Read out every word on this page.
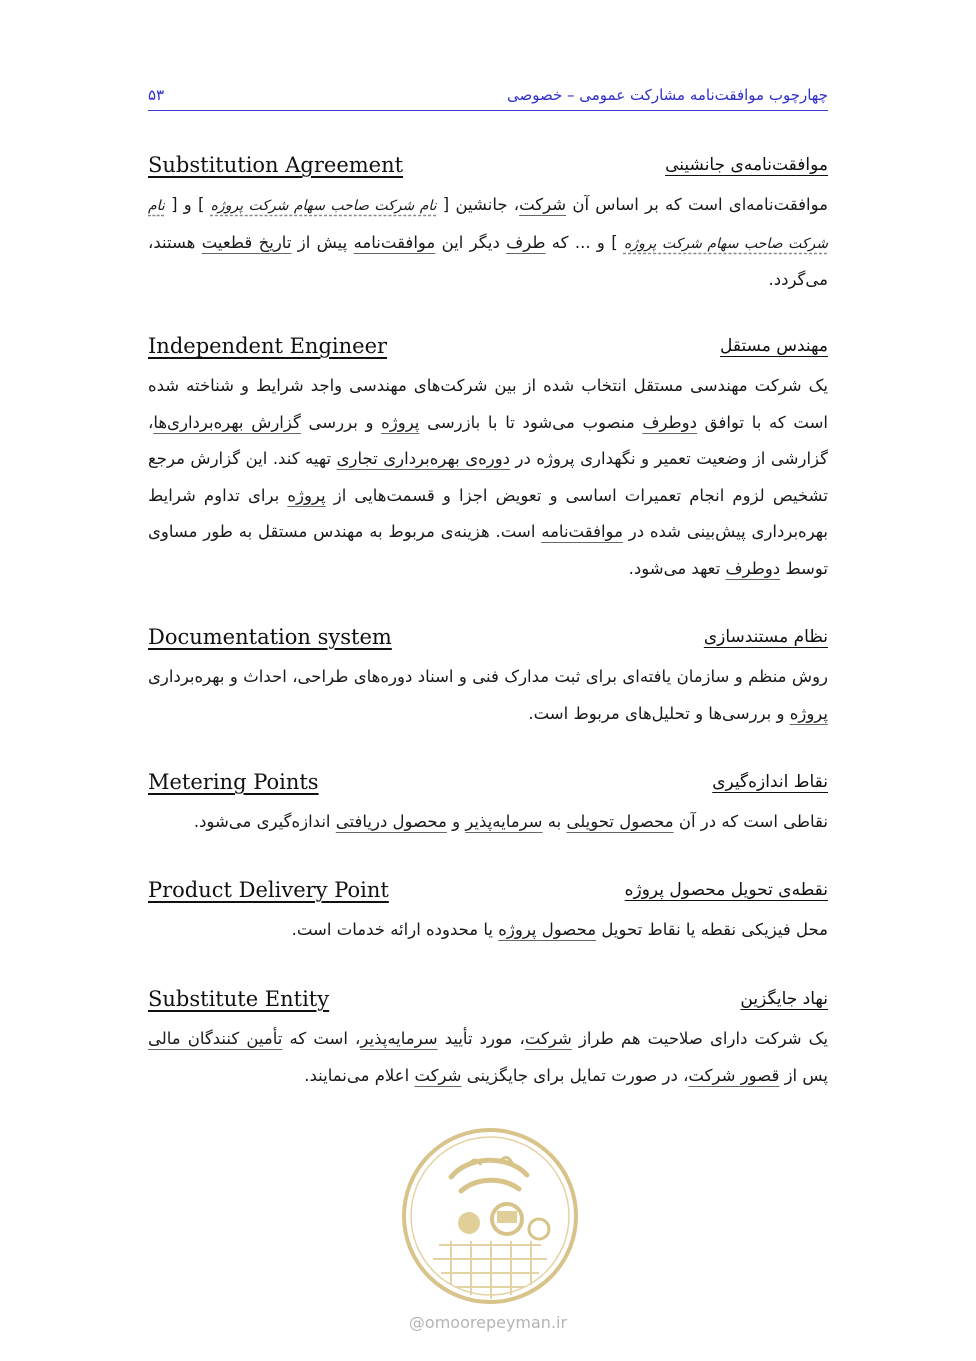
چهارچوب موافقت‌نامه مشارکت عمومی – خصوصی
۵۳
Substitution Agreement	موافقت‌نامه‌ی جانشینی

موافقت‌نامه‌ای است که بر اساس آن شرکت، جانشین [ نام شرکت صاحب سهام شرکت پروژه ] و [ نام شرکت صاحب سهام شرکت پروژه ] و ... که طرف دیگر این موافقت‌نامه پیش از تاریخ قطعیت هستند، می‌گردد.

Independent Engineer	مهندس مستقل

یک شرکت مهندسی مستقل انتخاب شده از بین شرکت‌های مهندسی واجد شرایط و شناخته شده است که با توافق دوطرف منصوب می‌شود تا با بازرسی پروژه و بررسی گزارش بهره‌برداری‌ها، گزارشی از وضعیت تعمیر و نگهداری پروژه در دوره‌ی بهره‌برداری تجاری تهیه کند. این گزارش مرجع تشخیص لزوم انجام تعمیرات اساسی و تعویض اجزا و قسمت‌هایی از پروژه برای تداوم شرایط بهره‌برداری پیش‌بینی شده در موافقت‌نامه است. هزینه‌ی مربوط به مهندس مستقل به طور مساوی توسط دوطرف تعهد می‌شود.

Documentation system	نظام مستندسازی

روش منظم و سازمان یافته‌ای برای ثبت مدارک فنی و اسناد دوره‌های طراحی، احداث و بهره‌برداری پروژه و بررسی‌ها و تحلیل‌های مربوط است.

Metering Points	نقاط اندازه‌گیری

نقاطی است که در آن محصول تحویلی به سرمایه‌پذیر و محصول دریافتی اندازه‌گیری می‌شود.

Product Delivery Point	نقطه‌ی تحویل محصول پروژه

محل فیزیکی نقطه یا نقاط تحویل محصول پروژه یا محدوده ارائه خدمات است.

Substitute Entity	نهاد جایگزین

یک شرکت دارای صلاحیت هم طراز شرکت، مورد تأیید سرمایه‌پذیر، است که تأمین کنندگان مالی پس از قصور شرکت، در صورت تمایل برای جایگزینی شرکت اعلام می‌نمایند.

@omoorepeyman.ir
